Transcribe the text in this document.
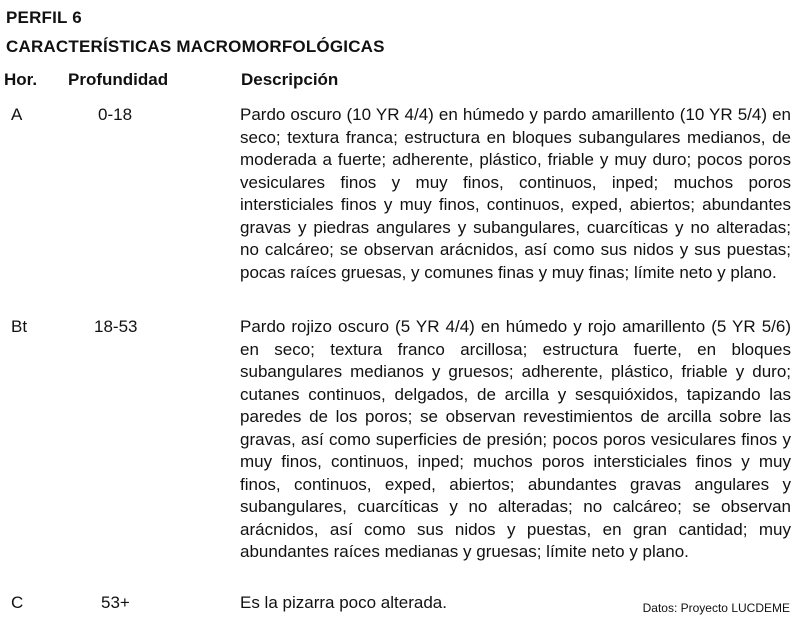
PERFIL 6
CARACTERÍSTICAS MACROMORFOLÓGICAS
Hor. Profundidad	Descripción
A	0-18	Pardo oscuro (10 YR 4/4) en húmedo y pardo amarillento (10 YR 5/4) en seco; textura franca; estructura en bloques subangulares medianos, de moderada a fuerte; adherente, plástico, friable y muy duro; pocos poros vesiculares finos y muy finos, continuos, inped; muchos poros intersticiales finos y muy finos, continuos, exped, abiertos; abundantes gravas y piedras angulares y subangulares, cuarcíticas y no alteradas; no calcáreo; se observan arácnidos, así como sus nidos y sus puestas; pocas raíces gruesas, y comunes finas y muy finas; límite neto y plano.
Bt	18-53	Pardo rojizo oscuro (5 YR 4/4) en húmedo y rojo amarillento (5 YR 5/6) en seco; textura franco arcillosa; estructura fuerte, en bloques subangulares medianos y gruesos; adherente, plástico, friable y duro; cutanes continuos, delgados, de arcilla y sesquióxidos, tapizando las paredes de los poros; se observan revestimientos de arcilla sobre las gravas, así como superficies de presión; pocos poros vesiculares finos y muy finos, continuos, inped; muchos poros intersticiales finos y muy finos, continuos, exped, abiertos; abundantes gravas angulares y subangulares, cuarcíticas y no alteradas; no calcáreo; se observan arácnidos, así como sus nidos y puestas, en gran cantidad; muy abundantes raíces medianas y gruesas; límite neto y plano.
C	53+	Es la pizarra poco alterada.	Datos: Proyecto LUCDEME
